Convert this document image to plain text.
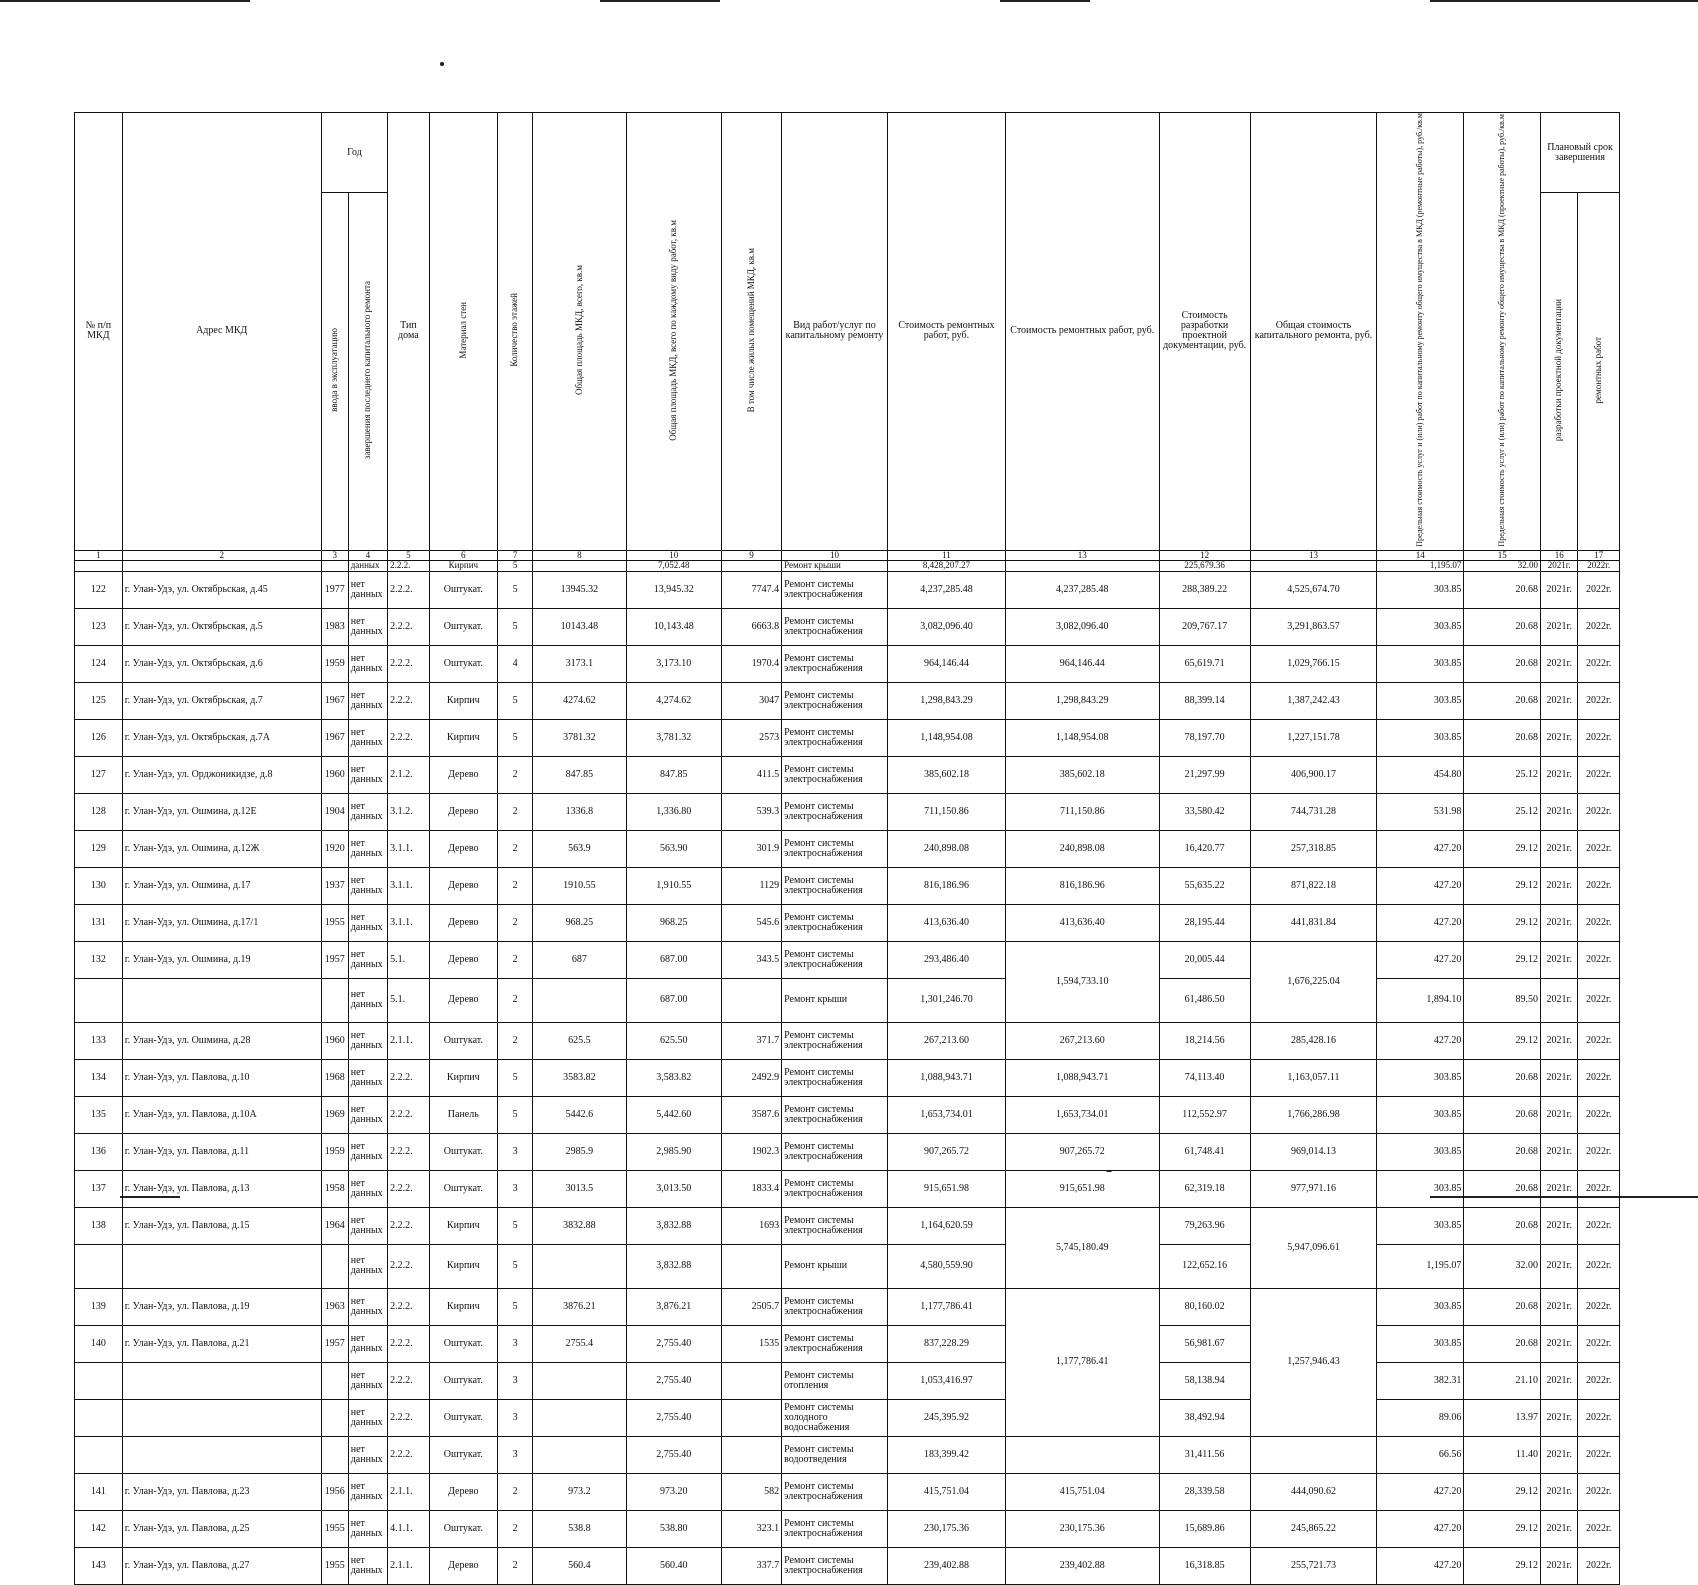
№ п/п МКД	Адрес МКД	Год		Тип дома	Материал стен	Количество этажей	Общая площадь МКД, всего, кв.м	Общая площадь МКД, всего по каждому виду работ, кв.м	В том числе жилых помещений МКД, кв.м	Вид работ/услуг по капитальному ремонту	Стоимость ремонтных работ, руб.	Стоимость ремонтных работ, руб.	Стоимость разработки проектной документации, руб.	Общая стоимость капитального ремонта, руб.	Предельная стоимость услуг и (или) работ по капитальному ремонту общего имущества в МКД (ремонтные работы), руб./кв.м	Предельная стоимость услуг и (или) работ по капитальному ремонту общего имущества в МКД (проектные работы), руб./кв.м	Плановый срок завершения	
		ввода в эксплуатацию	завершения последнего капитального ремонта														разработки проектной документации	ремонтных работ
1	2	3	4	5	6	7	8	10	9	10	11	13	12	13	14	15	16	17
			данных	2.2.2.	Кирпич	5		7,052.48		Ремонт крыши	8,428,207.27		225,679.36		1,195.07	32.00	2021г.	2022г.
122	г. Улан-Удэ, ул. Октябрьская, д.45	1977	нет данных	2.2.2.	Оштукат.	5	13945.32	13,945.32	7747.4	Ремонт системы электроснабжения	4,237,285.48	4,237,285.48	288,389.22	4,525,674.70	303.85	20.68	2021г.	2022г.
123	г. Улан-Удэ, ул. Октябрьская, д.5	1983	нет данных	2.2.2.	Оштукат.	5	10143.48	10,143.48	6663.8	Ремонт системы электроснабжения	3,082,096.40	3,082,096.40	209,767.17	3,291,863.57	303.85	20.68	2021г.	2022г.
124	г. Улан-Удэ, ул. Октябрьская, д.6	1959	нет данных	2.2.2.	Оштукат.	4	3173.1	3,173.10	1970.4	Ремонт системы электроснабжения	964,146.44	964,146.44	65,619.71	1,029,766.15	303.85	20.68	2021г.	2022г.
125	г. Улан-Удэ, ул. Октябрьская, д.7	1967	нет данных	2.2.2.	Кирпич	5	4274.62	4,274.62	3047	Ремонт системы электроснабжения	1,298,843.29	1,298,843.29	88,399.14	1,387,242.43	303.85	20.68	2021г.	2022г.
126	г. Улан-Удэ, ул. Октябрьская, д.7А	1967	нет данных	2.2.2.	Кирпич	5	3781.32	3,781.32	2573	Ремонт системы электроснабжения	1,148,954.08	1,148,954.08	78,197.70	1,227,151.78	303.85	20.68	2021г.	2022г.
127	г. Улан-Удэ, ул. Орджоникидзе, д.8	1960	нет данных	2.1.2.	Дерево	2	847.85	847.85	411.5	Ремонт системы электроснабжения	385,602.18	385,602.18	21,297.99	406,900.17	454.80	25.12	2021г.	2022г.
128	г. Улан-Удэ, ул. Ошмина, д.12Е	1904	нет данных	3.1.2.	Дерево	2	1336.8	1,336.80	539.3	Ремонт системы электроснабжения	711,150.86	711,150.86	33,580.42	744,731.28	531.98	25.12	2021г.	2022г.
129	г. Улан-Удэ, ул. Ошмина, д.12Ж	1920	нет данных	3.1.1.	Дерево	2	563.9	563.90	301.9	Ремонт системы электроснабжения	240,898.08	240,898.08	16,420.77	257,318.85	427.20	29.12	2021г.	2022г.
130	г. Улан-Удэ, ул. Ошмина, д.17	1937	нет данных	3.1.1.	Дерево	2	1910.55	1,910.55	1129	Ремонт системы электроснабжения	816,186.96	816,186.96	55,635.22	871,822.18	427.20	29.12	2021г.	2022г.
131	г. Улан-Удэ, ул. Ошмина, д.17/1	1955	нет данных	3.1.1.	Дерево	2	968.25	968.25	545.6	Ремонт системы электроснабжения	413,636.40	413,636.40	28,195.44	441,831.84	427.20	29.12	2021г.	2022г.
132	г. Улан-Удэ, ул. Ошмина, д.19	1957	нет данных	5.1.	Дерево	2	687	687.00	343.5	Ремонт системы электроснабжения	293,486.40	1,594,733.10	20,005.44	1,676,225.04	427.20	29.12	2021г.	2022г.
			нет данных	5.1.	Дерево	2		687.00		Ремонт крыши	1,301,246.70		61,486.50		1,894.10	89.50	2021г.	2022г.
133	г. Улан-Удэ, ул. Ошмина, д.28	1960	нет данных	2.1.1.	Оштукат.	2	625.5	625.50	371.7	Ремонт системы электроснабжения	267,213.60	267,213.60	18,214.56	285,428.16	427.20	29.12	2021г.	2022г.
134	г. Улан-Удэ, ул. Павлова, д.10	1968	нет данных	2.2.2.	Кирпич	5	3583.82	3,583.82	2492.9	Ремонт системы электроснабжения	1,088,943.71	1,088,943.71	74,113.40	1,163,057.11	303.85	20.68	2021г.	2022г.
135	г. Улан-Удэ, ул. Павлова, д.10А	1969	нет данных	2.2.2.	Панель	5	5442.6	5,442.60	3587.6	Ремонт системы электроснабжения	1,653,734.01	1,653,734.01	112,552.97	1,766,286.98	303.85	20.68	2021г.	2022г.
136	г. Улан-Удэ, ул. Павлова, д.11	1959	нет данных	2.2.2.	Оштукат.	3	2985.9	2,985.90	1902.3	Ремонт системы электроснабжения	907,265.72	907,265.72	61,748.41	969,014.13	303.85	20.68	2021г.	2022г.
137	г. Улан-Удэ, ул. Павлова, д.13	1958	нет данных	2.2.2.	Оштукат.	3	3013.5	3,013.50	1833.4	Ремонт системы электроснабжения	915,651.98	915,651.98	62,319.18	977,971.16	303.85	20.68	2021г.	2022г.
138	г. Улан-Удэ, ул. Павлова, д.15	1964	нет данных	2.2.2.	Кирпич	5	3832.88	3,832.88	1693	Ремонт системы электроснабжения	1,164,620.59	5,745,180.49	79,263.96	5,947,096.61	303.85	20.68	2021г.	2022г.
			нет данных	2.2.2.	Кирпич	5		3,832.88		Ремонт крыши	4,580,559.90		122,652.16		1,195.07	32.00	2021г.	2022г.
139	г. Улан-Удэ, ул. Павлова, д.19	1963	нет данных	2.2.2.	Кирпич	5	3876.21	3,876.21	2505.7	Ремонт системы электроснабжения	1,177,786.41	1,177,786.41	80,160.02	1,257,946.43	303.85	20.68	2021г.	2022г.
140	г. Улан-Удэ, ул. Павлова, д.21	1957	нет данных	2.2.2.	Оштукат.	3	2755.4	2,755.40	1535	Ремонт системы электроснабжения	837,228.29		56,981.67		303.85	20.68	2021г.	2022г.
			нет данных	2.2.2.	Оштукат.	3		2,755.40		Ремонт системы отопления	1,053,416.97		58,138.94		382.31	21.10	2021г.	2022г.
			нет данных	2.2.2.	Оштукат.	3		2,755.40		Ремонт системы холодного водоснабжения	245,395.92		38,492.94		89.06	13.97	2021г.	2022г.
			нет данных	2.2.2.	Оштукат.	3		2,755.40		Ремонт системы водоотведения	183,399.42		31,411.56		66.56	11.40	2021г.	2022г.
141	г. Улан-Удэ, ул. Павлова, д.23	1956	нет данных	2.1.1.	Дерево	2	973.2	973.20	582	Ремонт системы электроснабжения	415,751.04	415,751.04	28,339.58	444,090.62	427.20	29.12	2021г.	2022г.
142	г. Улан-Удэ, ул. Павлова, д.25	1955	нет данных	4.1.1.	Оштукат.	2	538.8	538.80	323.1	Ремонт системы электроснабжения	230,175.36	230,175.36	15,689.86	245,865.22	427.20	29.12	2021г.	2022г.
143	г. Улан-Удэ, ул. Павлова, д.27	1955	нет данных	2.1.1.	Дерево	2	560.4	560.40	337.7	Ремонт системы электроснабжения	239,402.88	239,402.88	16,318.85	255,721.73	427.20	29.12	2021г.	2022г.
